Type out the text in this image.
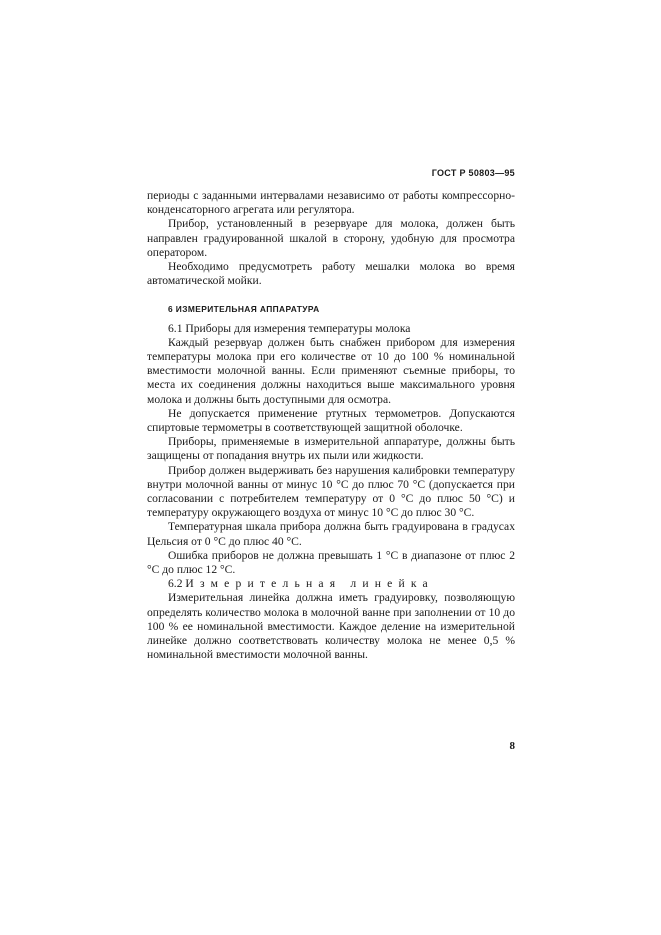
ГОСТ Р 50803—95

периоды с заданными интервалами независимо от работы компрессорно-конденсаторного агрегата или регулятора.

Прибор, установленный в резервуаре для молока, должен быть направлен градуированной шкалой в сторону, удобную для просмотра оператором.

Необходимо предусмотреть работу мешалки молока во время автоматической мойки.

6 ИЗМЕРИТЕЛЬНАЯ АППАРАТУРА

6.1 Приборы для измерения температуры молока

Каждый резервуар должен быть снабжен прибором для измерения температуры молока при его количестве от 10 до 100 % номинальной вместимости молочной ванны. Если применяют съемные приборы, то места их соединения должны находиться выше максимального уровня молока и должны быть доступными для осмотра.

Не допускается применение ртутных термометров. Допускаются спиртовые термометры в соответствующей защитной оболочке.

Приборы, применяемые в измерительной аппаратуре, должны быть защищены от попадания внутрь их пыли или жидкости.

Прибор должен выдерживать без нарушения калибровки температуру внутри молочной ванны от минус 10 °С до плюс 70 °С (допускается при согласовании с потребителем температуру от 0 °С до плюс 50 °С) и температуру окружающего воздуха от минус 10 °С до плюс 30 °С.

Температурная шкала прибора должна быть градуирована в градусах Цельсия от 0 °С до плюс 40 °С.

Ошибка приборов не должна превышать 1 °С в диапазоне от плюс 2 °С до плюс 12 °С.

6.2 Измерительная линейка

Измерительная линейка должна иметь градуировку, позволяющую определять количество молока в молочной ванне при заполнении от 10 до 100 % ее номинальной вместимости. Каждое деление на измерительной линейке должно соответствовать количеству молока не менее 0,5 % номинальной вместимости молочной ванны.

8
